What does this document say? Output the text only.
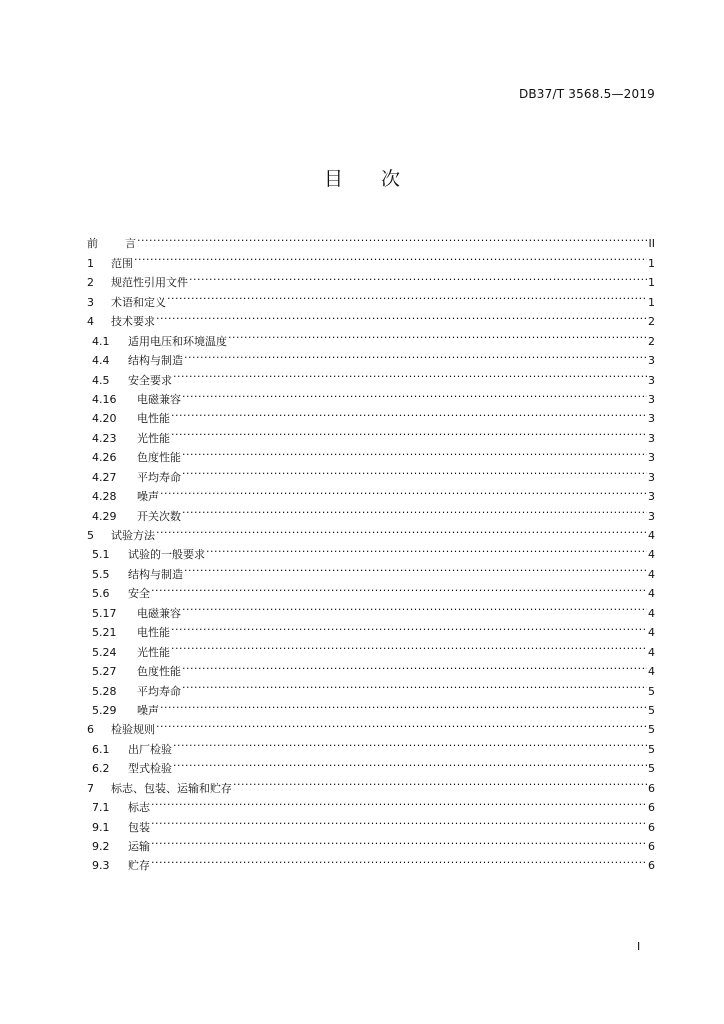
DB37/T 3568.5—2019
目 次
前	言 .....	II
1	范围 .....	1
2	规范性引用文件 .....	1
3	术语和定义 .....	1
4	技术要求 .....	2
4.1	适用电压和环境温度 .....	2
4.4	结构与制造 .....	3
4.5	安全要求 .....	3
4.16	电磁兼容 .....	3
4.20	电性能 .....	3
4.23	光性能 .....	3
4.26	色度性能 .....	3
4.27	平均寿命 .....	3
4.28	噪声 .....	3
4.29	开关次数 .....	3
5	试验方法 .....	4
5.1	试验的一般要求 .....	4
5.5	结构与制造 .....	4
5.6	安全 .....	4
5.17	电磁兼容 .....	4
5.21	电性能 .....	4
5.24	光性能 .....	4
5.27	色度性能 .....	4
5.28	平均寿命 .....	5
5.29	噪声 .....	5
6	检验规则 .....	5
6.1	出厂检验 .....	5
6.2	型式检验 .....	5
7	标志、包装、运输和贮存 .....	6
7.1	标志 .....	6
9.1	包装 .....	6
9.2	运输 .....	6
9.3	贮存 .....	6
I
